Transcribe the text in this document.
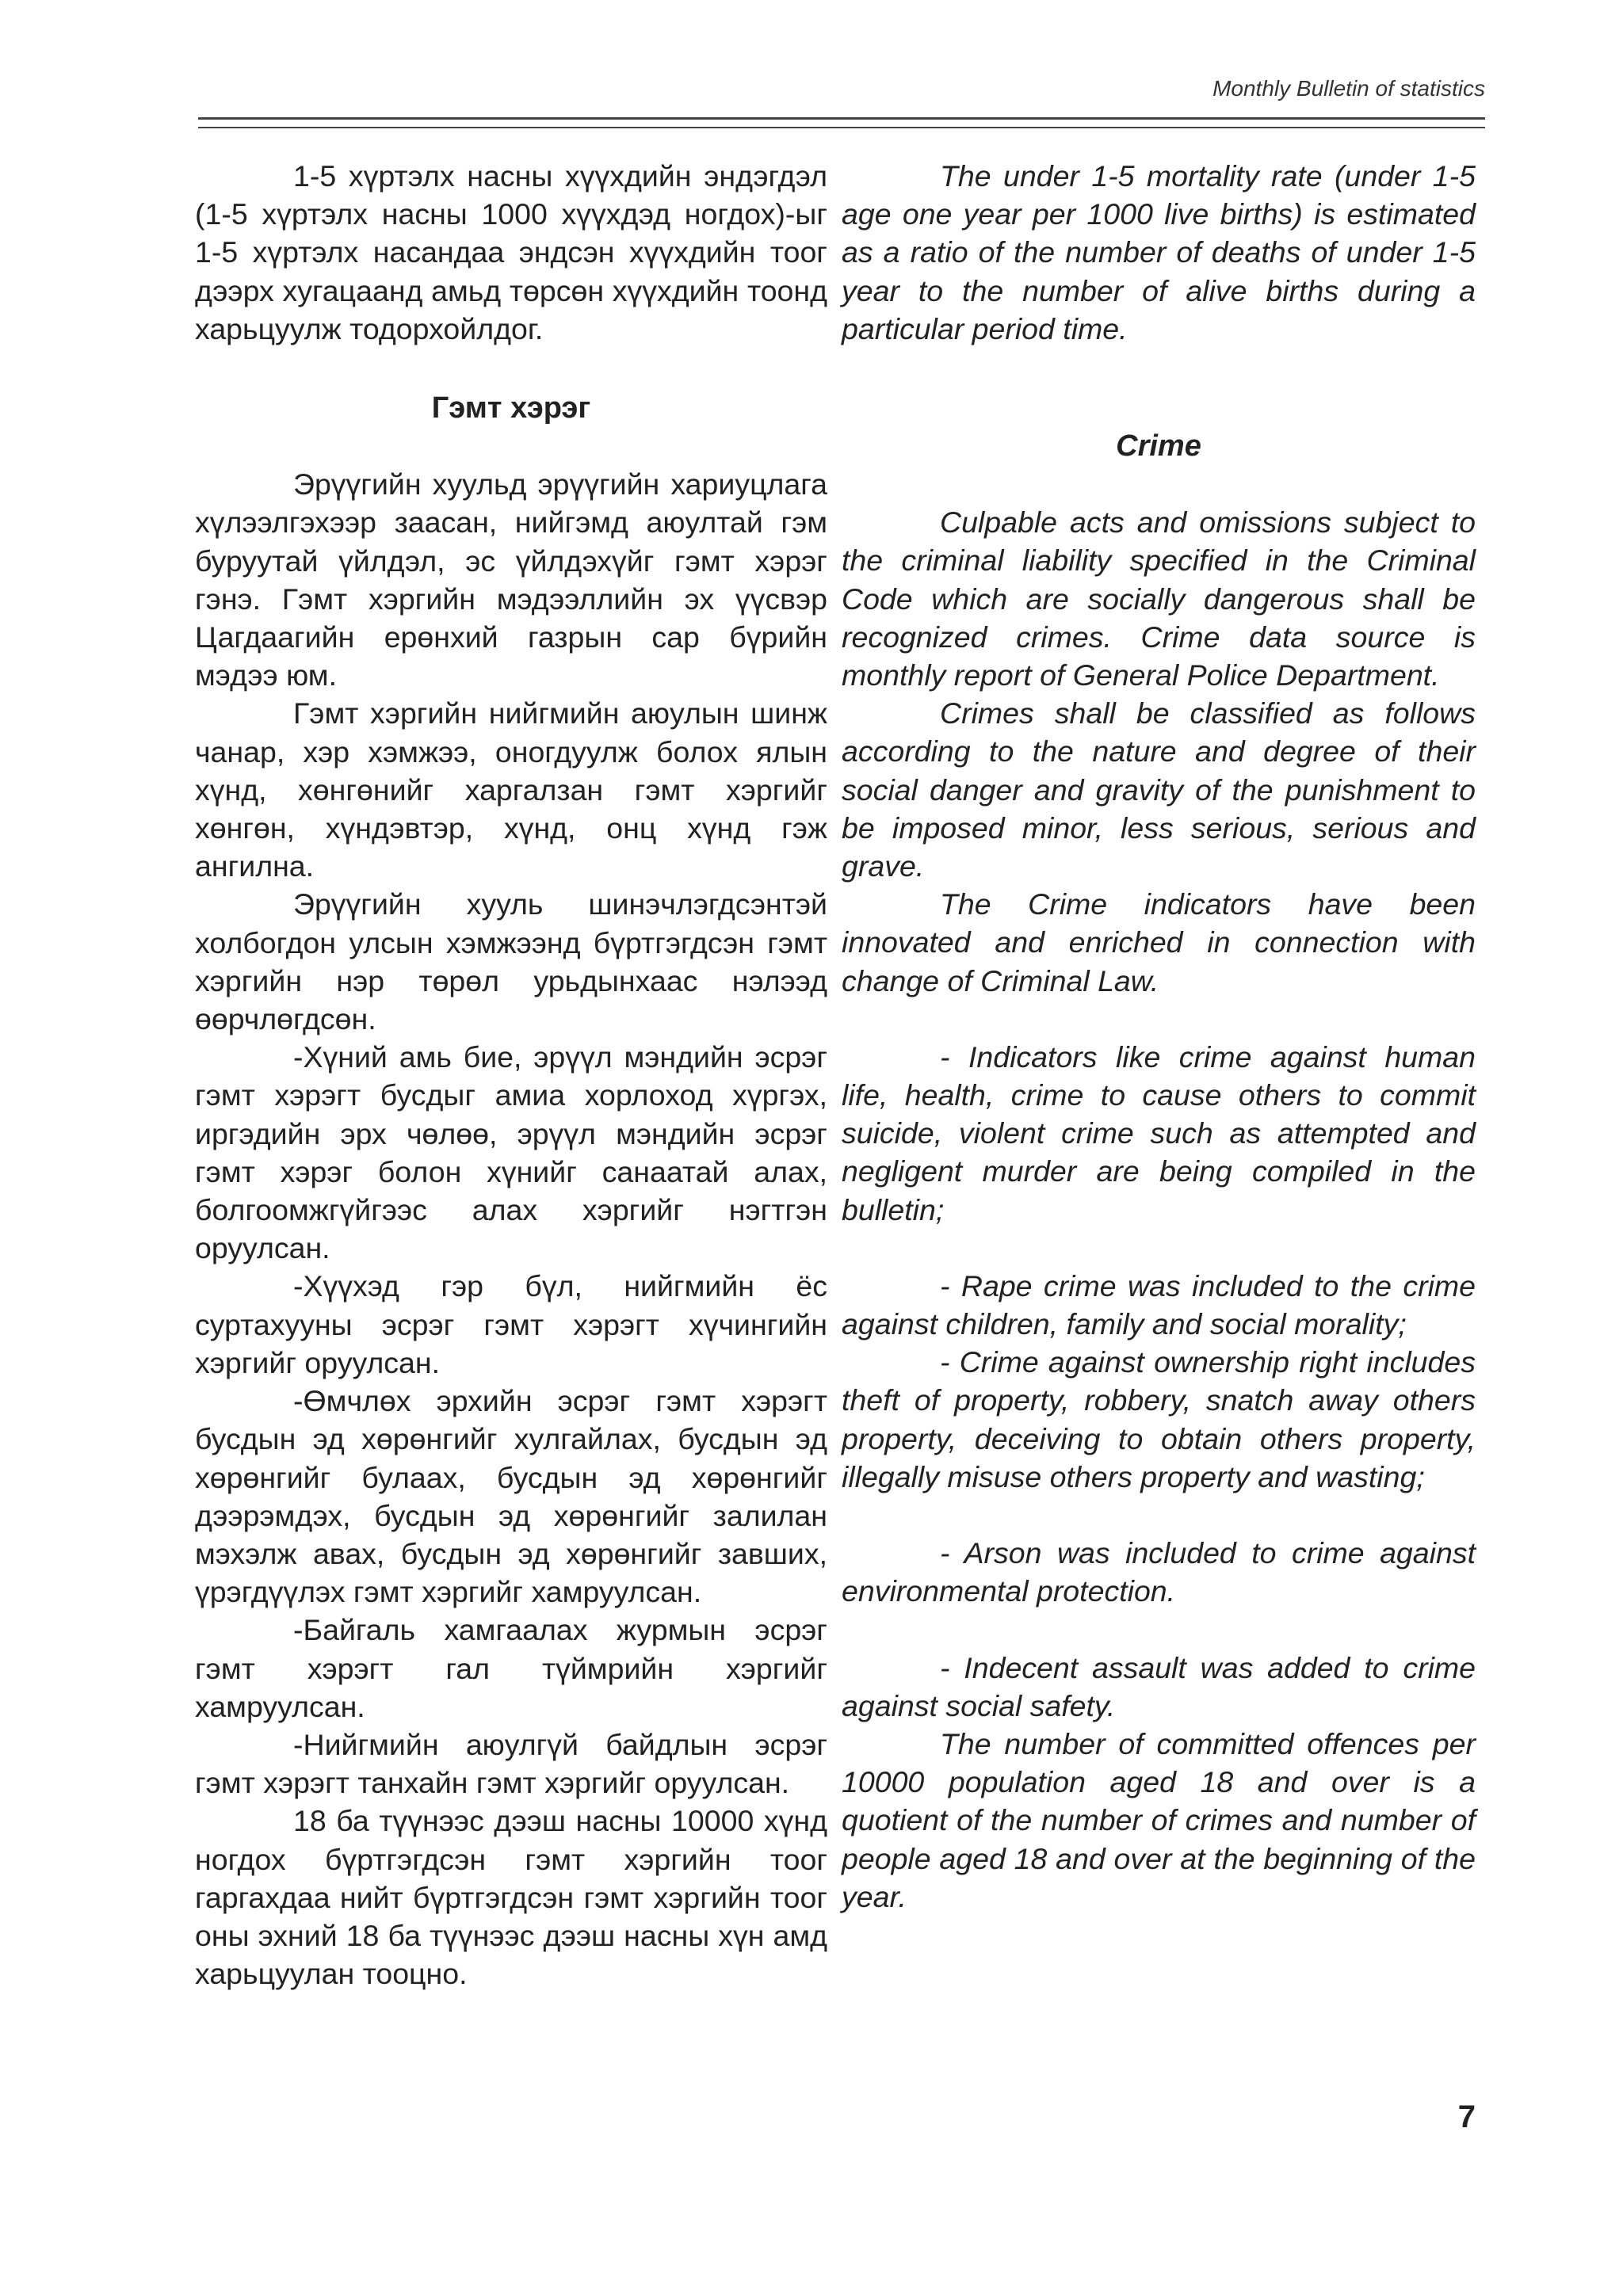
Monthly Bulletin of statistics

1-5 хүртэлх насны хүүхдийн эндэгдэл (1-5 хүртэлх насны 1000 хүүхдэд ногдох)-ыг 1-5 хүртэлх насандаа эндсэн хүүхдийн тоог дээрх хугацаанд амьд төрсөн хүүхдийн тоонд харьцуулж тодорхойлдог.

Гэмт хэрэг

Эрүүгийн хуульд эрүүгийн хариуцлага хүлээлгэхээр заасан, нийгэмд аюултай гэм буруутай үйлдэл, эс үйлдэхүйг гэмт хэрэг гэнэ. Гэмт хэргийн мэдээллийн эх үүсвэр Цагдаагийн ерөнхий газрын сар бүрийн мэдээ юм.

Гэмт хэргийн нийгмийн аюулын шинж чанар, хэр хэмжээ, оногдуулж болох ялын хүнд, хөнгөнийг харгалзан гэмт хэргийг хөнгөн, хүндэвтэр, хүнд, онц хүнд гэж ангилна.

Эрүүгийн хууль шинэчлэгдсэнтэй холбогдон улсын хэмжээнд бүртгэгдсэн гэмт хэргийн нэр төрөл урьдынхаас нэлээд өөрчлөгдсөн.

-Хүний амь бие, эрүүл мэндийн эсрэг гэмт хэрэгт бусдыг амиа хорлоход хүргэх, иргэдийн эрх чөлөө, эрүүл мэндийн эсрэг гэмт хэрэг болон хүнийг санаатай алах, болгоомжгүйгээс алах хэргийг нэгтгэн оруулсан.

-Хүүхэд гэр бүл, нийгмийн ёс суртахууны эсрэг гэмт хэрэгт хүчингийн хэргийг оруулсан.

-Өмчлөх эрхийн эсрэг гэмт хэрэгт бусдын эд хөрөнгийг хулгайлах, бусдын эд хөрөнгийг булаах, бусдын эд хөрөнгийг дээрэмдэх, бусдын эд хөрөнгийг залилан мэхэлж авах, бусдын эд хөрөнгийг завших, үрэгдүүлэх гэмт хэргийг хамруулсан.

-Байгаль хамгаалах журмын эсрэг гэмт хэрэгт гал түймрийн хэргийг хамруулсан.

-Нийгмийн аюулгүй байдлын эсрэг гэмт хэрэгт танхайн гэмт хэргийг оруулсан.

18 ба түүнээс дээш насны 10000 хүнд ногдох бүртгэгдсэн гэмт хэргийн тоог гаргахдаа нийт бүртгэгдсэн гэмт хэргийн тоог оны эхний 18 ба түүнээс дээш насны хүн амд харьцуулан тооцно.

The under 1-5 mortality rate (under 1-5 age one year per 1000 live births) is estimated as a ratio of the number of deaths of under 1-5 year to the number of alive births during a particular period time.

Crime

Culpable acts and omissions subject to the criminal liability specified in the Criminal Code which are socially dangerous shall be recognized crimes. Crime data source is monthly report of General Police Department.

Crimes shall be classified as follows according to the nature and degree of their social danger and gravity of the punishment to be imposed minor, less serious, serious and grave.

The Crime indicators have been innovated and enriched in connection with change of Criminal Law.

- Indicators like crime against human life, health, crime to cause others to commit suicide, violent crime such as attempted and negligent murder are being compiled in the bulletin;

- Rape crime was included to the crime against children, family and social morality;

- Crime against ownership right includes theft of property, robbery, snatch away others property, deceiving to obtain others property, illegally misuse others property and wasting;

- Arson was included to crime against environmental protection.

- Indecent assault was added to crime against social safety.

The number of committed offences per 10000 population aged 18 and over is a quotient of the number of crimes and number of people aged 18 and over at the beginning of the year.

7
